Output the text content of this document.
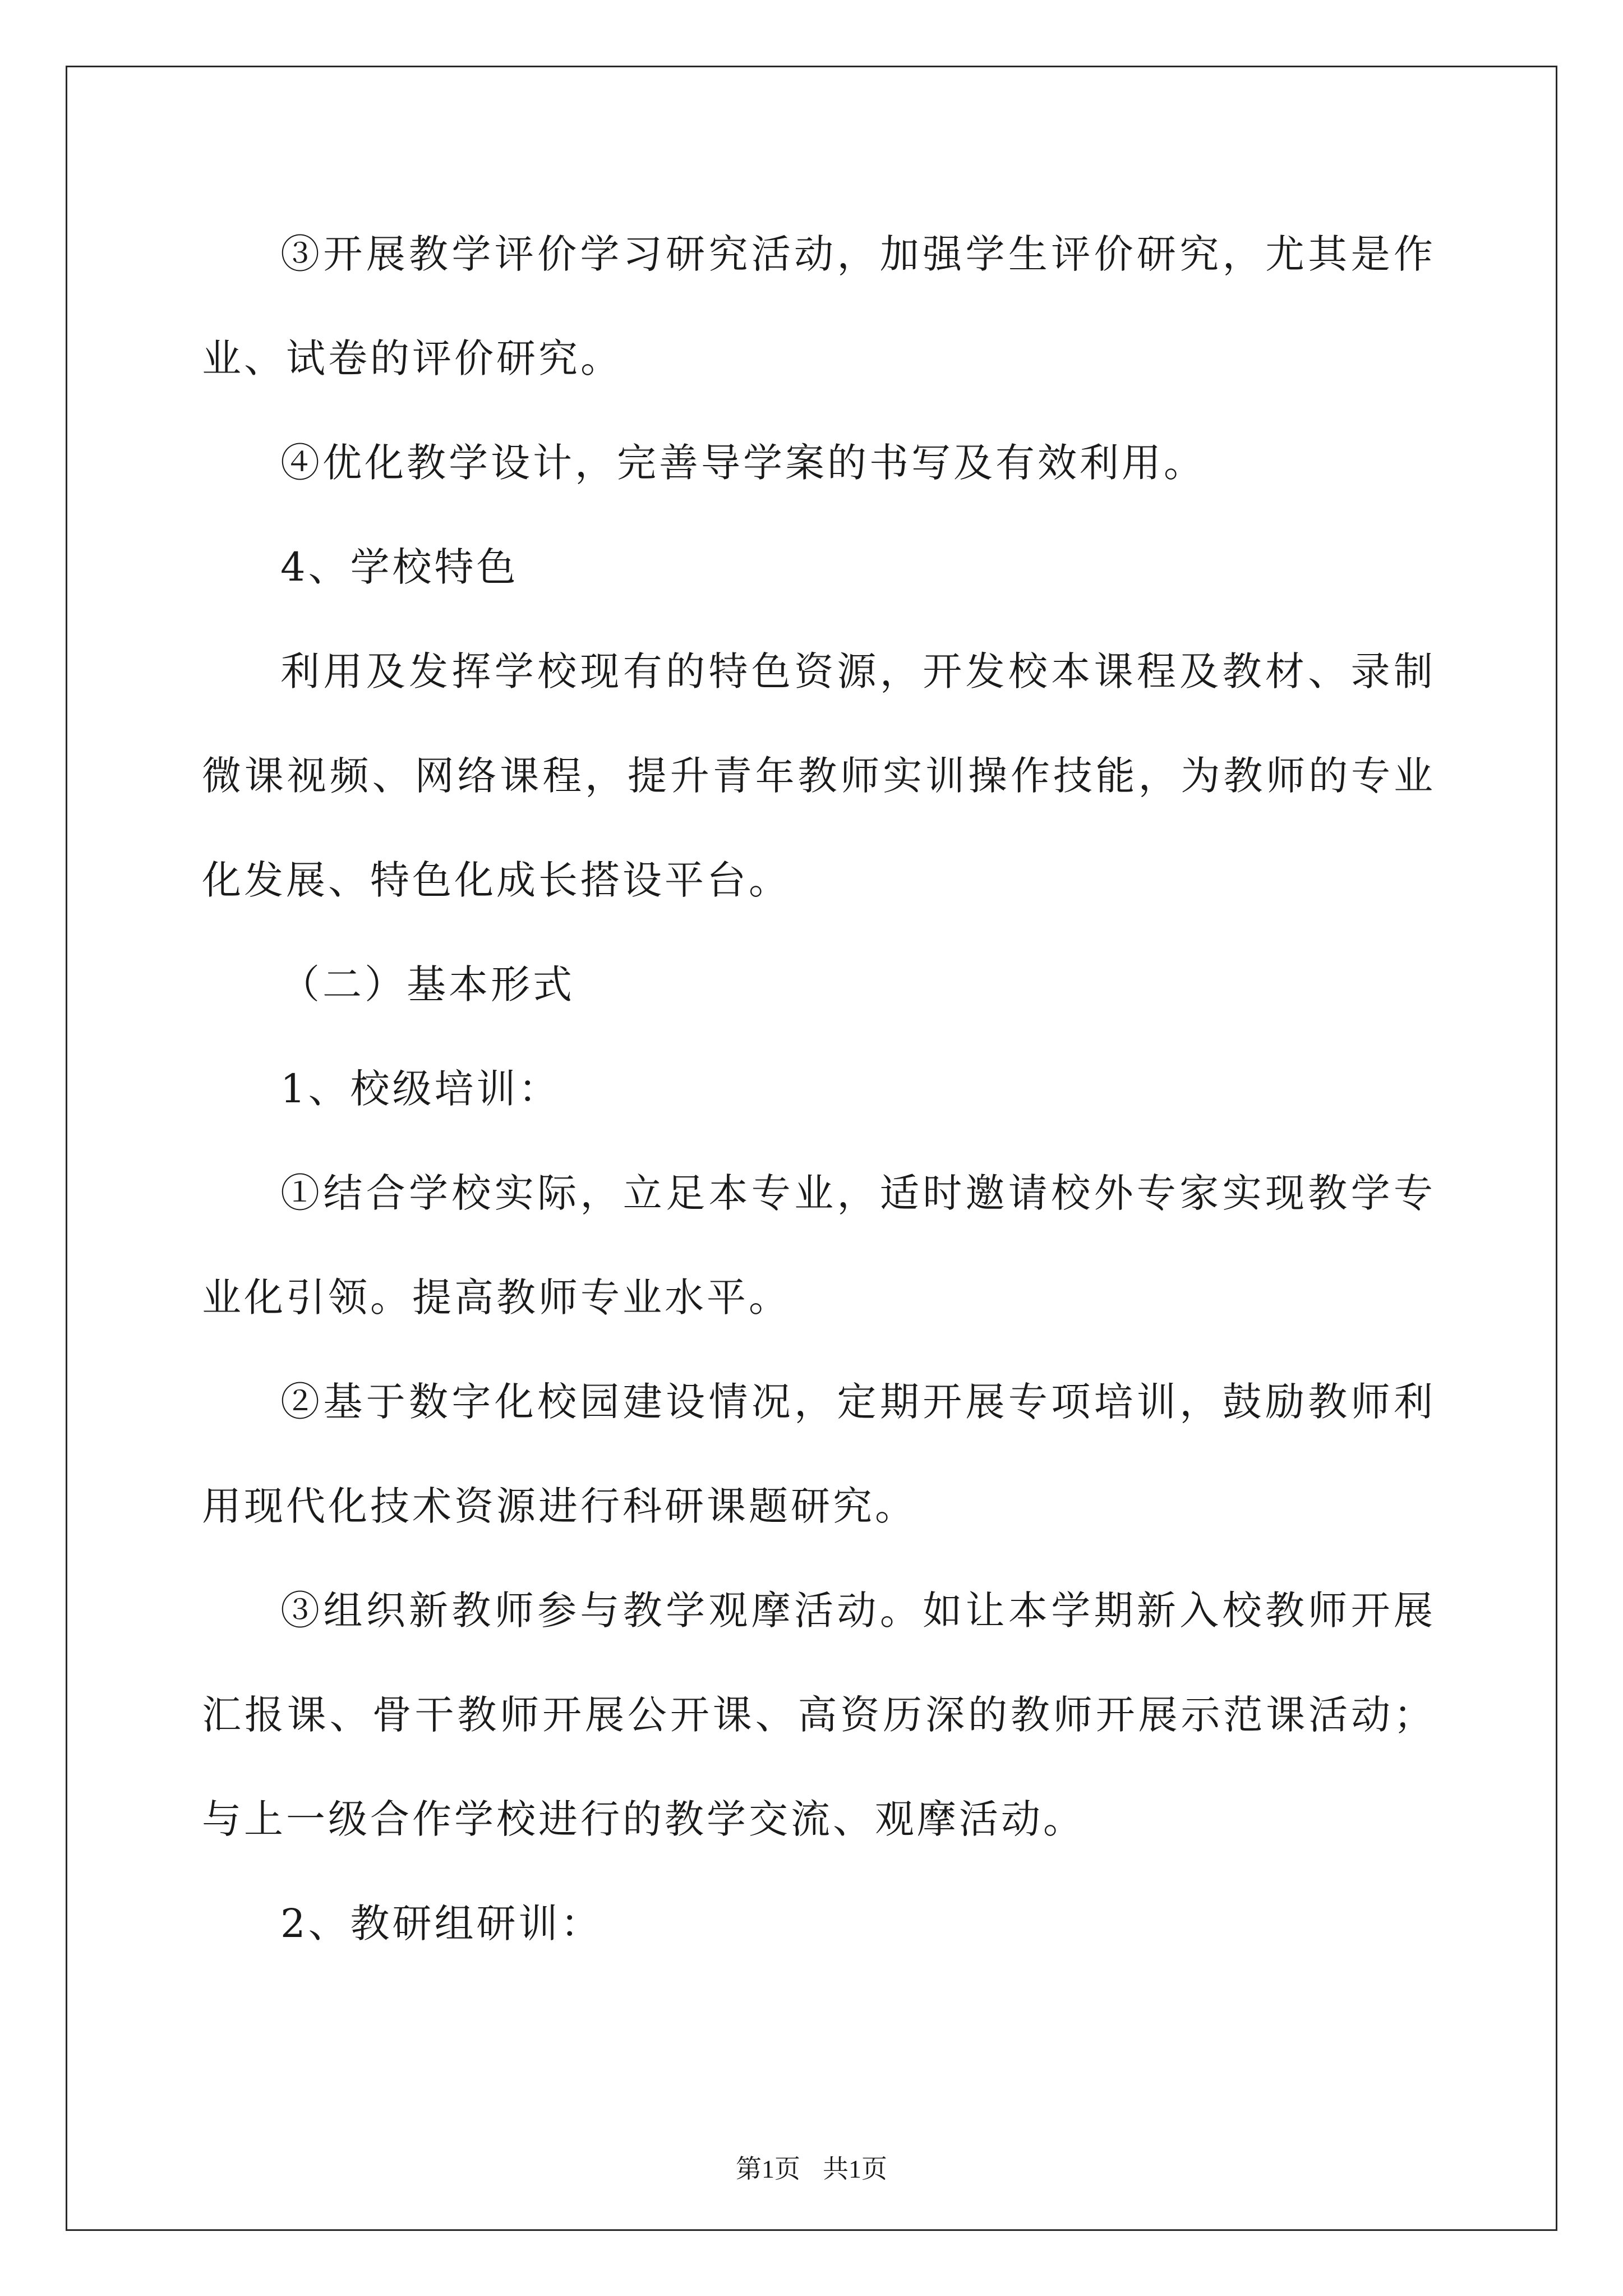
③开展教学评价学习研究活动，加强学生评价研究，尤其是作业、试卷的评价研究。

④优化教学设计，完善导学案的书写及有效利用。

4、学校特色

利用及发挥学校现有的特色资源，开发校本课程及教材、录制微课视频、网络课程，提升青年教师实训操作技能，为教师的专业化发展、特色化成长搭设平台。

（二）基本形式

1、校级培训：

①结合学校实际，立足本专业，适时邀请校外专家实现教学专业化引领。提高教师专业水平。

②基于数字化校园建设情况，定期开展专项培训，鼓励教师利用现代化技术资源进行科研课题研究。

③组织新教师参与教学观摩活动。如让本学期新入校教师开展汇报课、骨干教师开展公开课、高资历深的教师开展示范课活动；与上一级合作学校进行的教学交流、观摩活动。

2、教研组研训：

第1页 共1页
